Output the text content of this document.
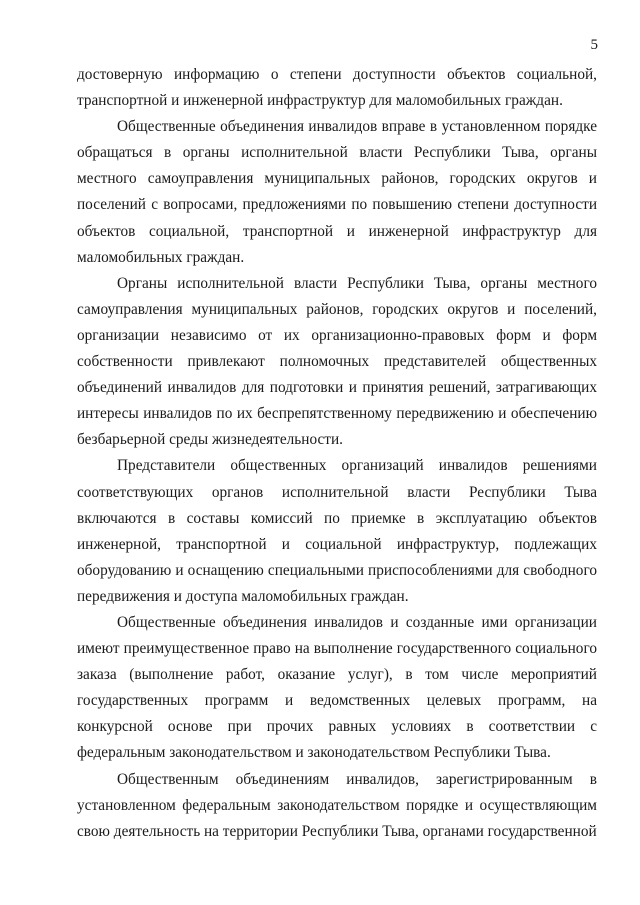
5

достоверную информацию о степени доступности объектов социальной, транспортной и инженерной инфраструктур для маломобильных граждан.

Общественные объединения инвалидов вправе в установленном порядке обращаться в органы исполнительной власти Республики Тыва, органы местного самоуправления муниципальных районов, городских округов и поселений с вопросами, предложениями по повышению степени доступности объектов социальной, транспортной и инженерной инфраструктур для маломобильных граждан.

Органы исполнительной власти Республики Тыва, органы местного самоуправления муниципальных районов, городских округов и поселений, организации независимо от их организационно-правовых форм и форм собственности привлекают полномочных представителей общественных объединений инвалидов для подготовки и принятия решений, затрагивающих интересы инвалидов по их беспрепятственному передвижению и обеспечению безбарьерной среды жизнедеятельности.

Представители общественных организаций инвалидов решениями соответствующих органов исполнительной власти Республики Тыва включаются в составы комиссий по приемке в эксплуатацию объектов инженерной, транспортной и социальной инфраструктур, подлежащих оборудованию и оснащению специальными приспособлениями для свободного передвижения и доступа маломобильных граждан.

Общественные объединения инвалидов и созданные ими организации имеют преимущественное право на выполнение государственного социального заказа (выполнение работ, оказание услуг), в том числе мероприятий государственных программ и ведомственных целевых программ, на конкурсной основе при прочих равных условиях в соответствии с федеральным законодательством и законодательством Республики Тыва.

Общественным объединениям инвалидов, зарегистрированным в установленном федеральным законодательством порядке и осуществляющим свою деятельность на территории Республики Тыва, органами государственной
